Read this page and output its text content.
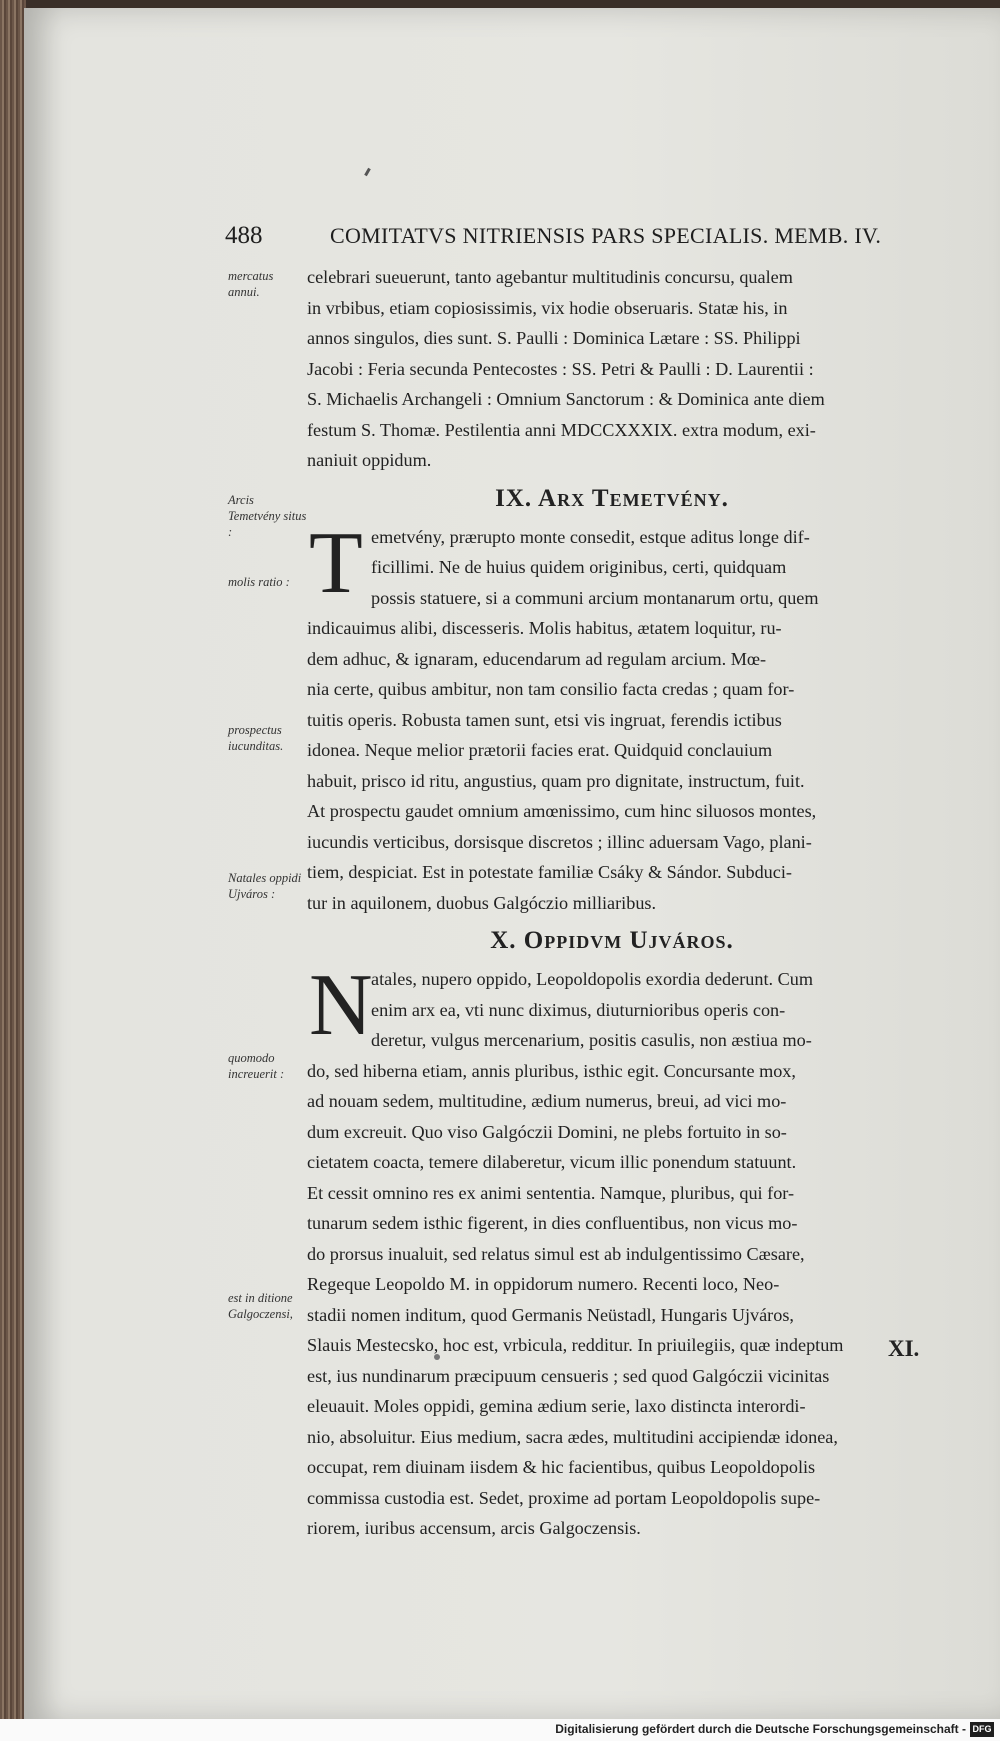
488	COMITATVS NITRIENSIS PARS SPECIALIS. MEMB. IV.
mercatus annui.
Arcis Temetvény situs :
molis ratio :
prospectus iucunditas.
Natales oppidi Ujváros :
quomodo increuerit :
est in ditione Galgoczensi,
celebrari sueuerunt, tanto agebantur multitudinis concursu, qualem
in vrbibus, etiam copiosissimis, vix hodie obseruaris. Statæ his, in
annos singulos, dies sunt. S. Paulli : Dominica Lætare : SS. Philippi
Jacobi : Feria secunda Pentecostes : SS. Petri & Paulli : D. Laurentii :
S. Michaelis Archangeli : Omnium Sanctorum : & Dominica ante diem
festum S. Thomæ. Pestilentia anni MDCCXXXIX. extra modum, exi-
naniuit oppidum.
IX. Arx Temetvény.
T emetvény, prærupto monte consedit, estque aditus longe dif-
ficillimi. Ne de huius quidem originibus, certi, quidquam
possis statuere, si a communi arcium montanarum ortu, quem
indicauimus alibi, discesseris. Molis habitus, ætatem loquitur, ru-
dem adhuc, & ignaram, educendarum ad regulam arcium. Mœ-
nia certe, quibus ambitur, non tam consilio facta credas ; quam for-
tuitis operis. Robusta tamen sunt, etsi vis ingruat, ferendis ictibus
idonea. Neque melior prætorii facies erat. Quidquid conclauium
habuit, prisco id ritu, angustius, quam pro dignitate, instructum, fuit.
At prospectu gaudet omnium amœnissimo, cum hinc siluosos montes,
iucundis verticibus, dorsisque discretos ; illinc aduersam Vago, plani-
tiem, despiciat. Est in potestate familiæ Csáky & Sándor. Subduci-
tur in aquilonem, duobus Galgóczio milliaribus.
X. Oppidvm Ujváros.
N
atales, nupero oppido, Leopoldopolis exordia dederunt. Cum
enim arx ea, vti nunc diximus, diuturnioribus operis con-
deretur, vulgus mercenarium, positis casulis, non æstiua mo-
do, sed hiberna etiam, annis pluribus, isthic egit. Concursante mox,
ad nouam sedem, multitudine, ædium numerus, breui, ad vici mo-
dum excreuit. Quo viso Galgóczii Domini, ne plebs fortuito in so-
cietatem coacta, temere dilaberetur, vicum illic ponendum statuunt.
Et cessit omnino res ex animi sententia. Namque, pluribus, qui for-
tunarum sedem isthic figerent, in dies confluentibus, non vicus mo-
do prorsus inualuit, sed relatus simul est ab indulgentissimo Cæsare,
Regeque Leopoldo M. in oppidorum numero. Recenti loco, Neo-
stadii nomen inditum, quod Germanis Neüstadl, Hungaris Ujváros,
Slauis Mestecsko, hoc est, vrbicula, redditur. In priuilegiis, quæ indeptum
est, ius nundinarum præcipuum censueris ; sed quod Galgóczii vicinitas
eleuauit. Moles oppidi, gemina ædium serie, laxo distincta interordi-
nio, absoluitur. Eius medium, sacra ædes, multitudini accipiendæ idonea,
occupat, rem diuinam iisdem & hic facientibus, quibus Leopoldopolis
commissa custodia est. Sedet, proxime ad portam Leopoldopolis supe-
riorem, iuribus accensum, arcis Galgoczensis.
XI.
Digitalisierung gefördert durch die Deutsche Forschungsgemeinschaft - DFG
